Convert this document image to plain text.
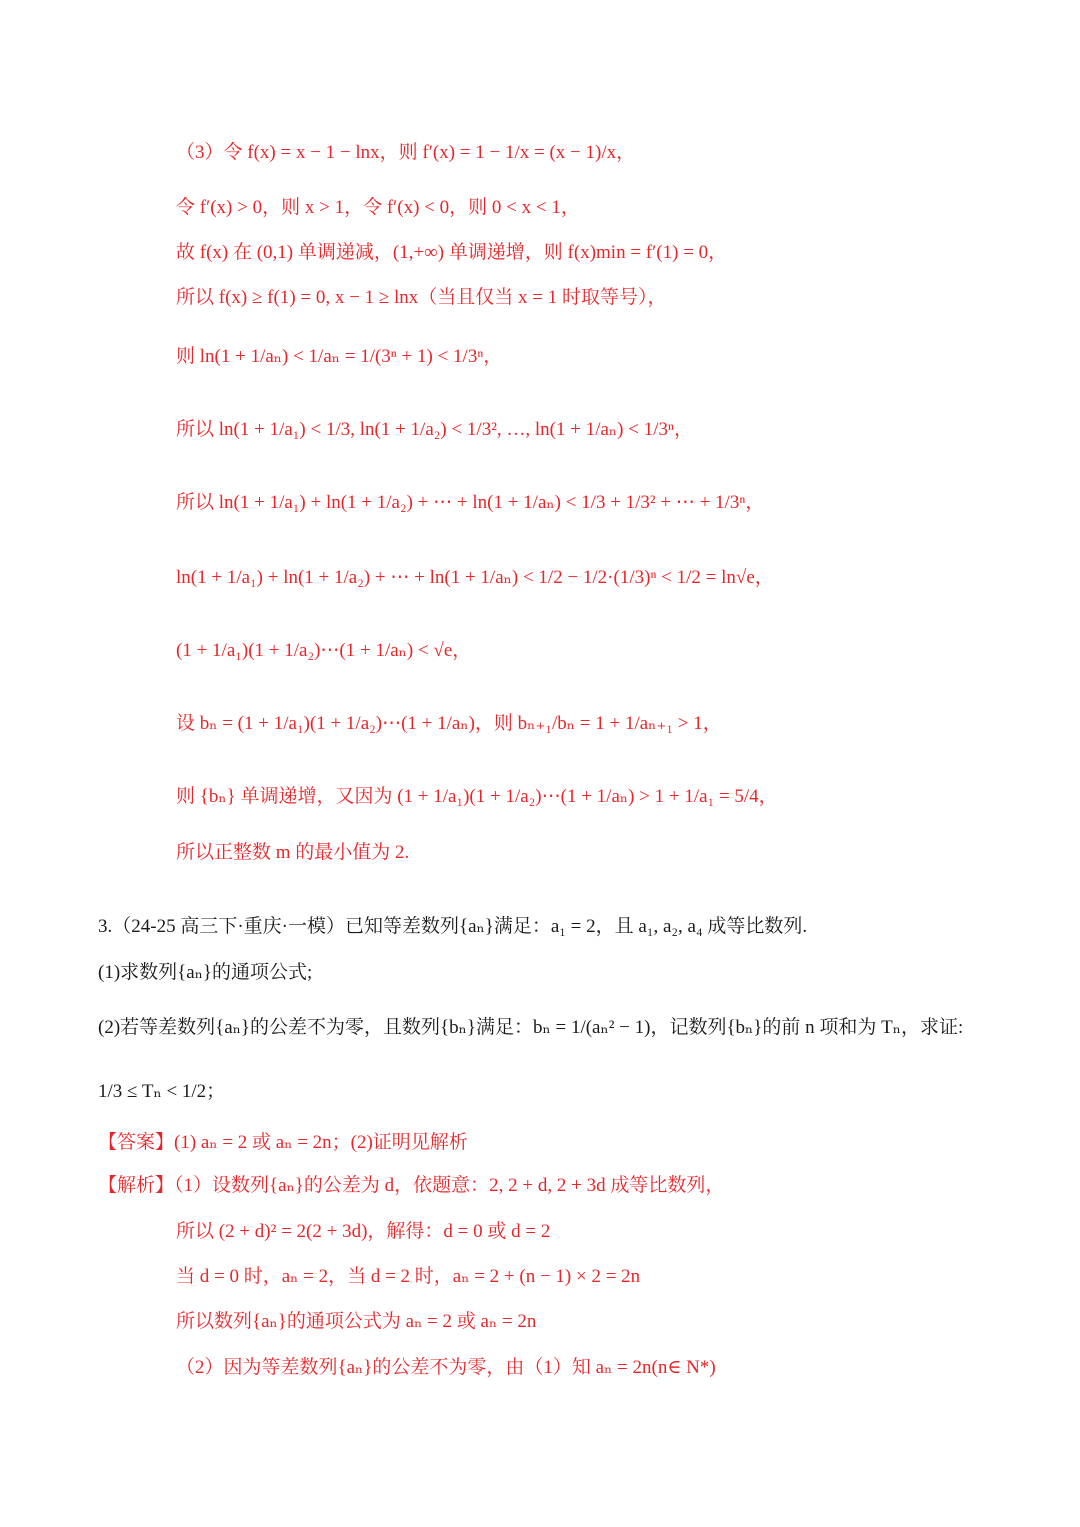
（3）令 f(x) = x − 1 − lnx，则 f′(x) = 1 − 1/x = (x − 1)/x，
令 f′(x) > 0，则 x > 1，令 f′(x) < 0，则 0 < x < 1，
故 f(x) 在 (0,1) 单调递减，(1,+∞) 单调递增，则 f(x)min = f′(1) = 0，
所以 f(x) ≥ f(1) = 0, x − 1 ≥ lnx（当且仅当 x = 1 时取等号），
则 ln(1 + 1/aₙ) < 1/aₙ = 1/(3ⁿ + 1) < 1/3ⁿ，
所以 ln(1 + 1/a₁) < 1/3, ln(1 + 1/a₂) < 1/3², …, ln(1 + 1/aₙ) < 1/3ⁿ，
所以 ln(1 + 1/a₁) + ln(1 + 1/a₂) + ⋯ + ln(1 + 1/aₙ) < 1/3 + 1/3² + ⋯ + 1/3ⁿ，
ln(1 + 1/a₁) + ln(1 + 1/a₂) + ⋯ + ln(1 + 1/aₙ) < 1/2 − 1/2·(1/3)ⁿ < 1/2 = ln√e，
(1 + 1/a₁)(1 + 1/a₂)⋯(1 + 1/aₙ) < √e，
设 bₙ = (1 + 1/a₁)(1 + 1/a₂)⋯(1 + 1/aₙ)，则 bₙ₊₁/bₙ = 1 + 1/aₙ₊₁ > 1，
则 {bₙ} 单调递增，又因为 (1 + 1/a₁)(1 + 1/a₂)⋯(1 + 1/aₙ) > 1 + 1/a₁ = 5/4，
所以正整数 m 的最小值为 2.
3.（24-25 高三下·重庆·一模）已知等差数列{aₙ}满足：a₁ = 2，且 a₁, a₂, a₄ 成等比数列.
(1)求数列{aₙ}的通项公式;
(2)若等差数列{aₙ}的公差不为零，且数列{bₙ}满足：bₙ = 1/(aₙ² − 1)，记数列{bₙ}的前 n 项和为 Tₙ，求证:
1/3 ≤ Tₙ < 1/2；
【答案】(1) aₙ = 2 或 aₙ = 2n；(2)证明见解析
【解析】（1）设数列{aₙ}的公差为 d，依题意：2, 2 + d, 2 + 3d 成等比数列，
所以 (2 + d)² = 2(2 + 3d)，解得：d = 0 或 d = 2
当 d = 0 时，aₙ = 2，当 d = 2 时，aₙ = 2 + (n − 1) × 2 = 2n
所以数列{aₙ}的通项公式为 aₙ = 2 或 aₙ = 2n
（2）因为等差数列{aₙ}的公差不为零，由（1）知 aₙ = 2n(n∈ N*)
